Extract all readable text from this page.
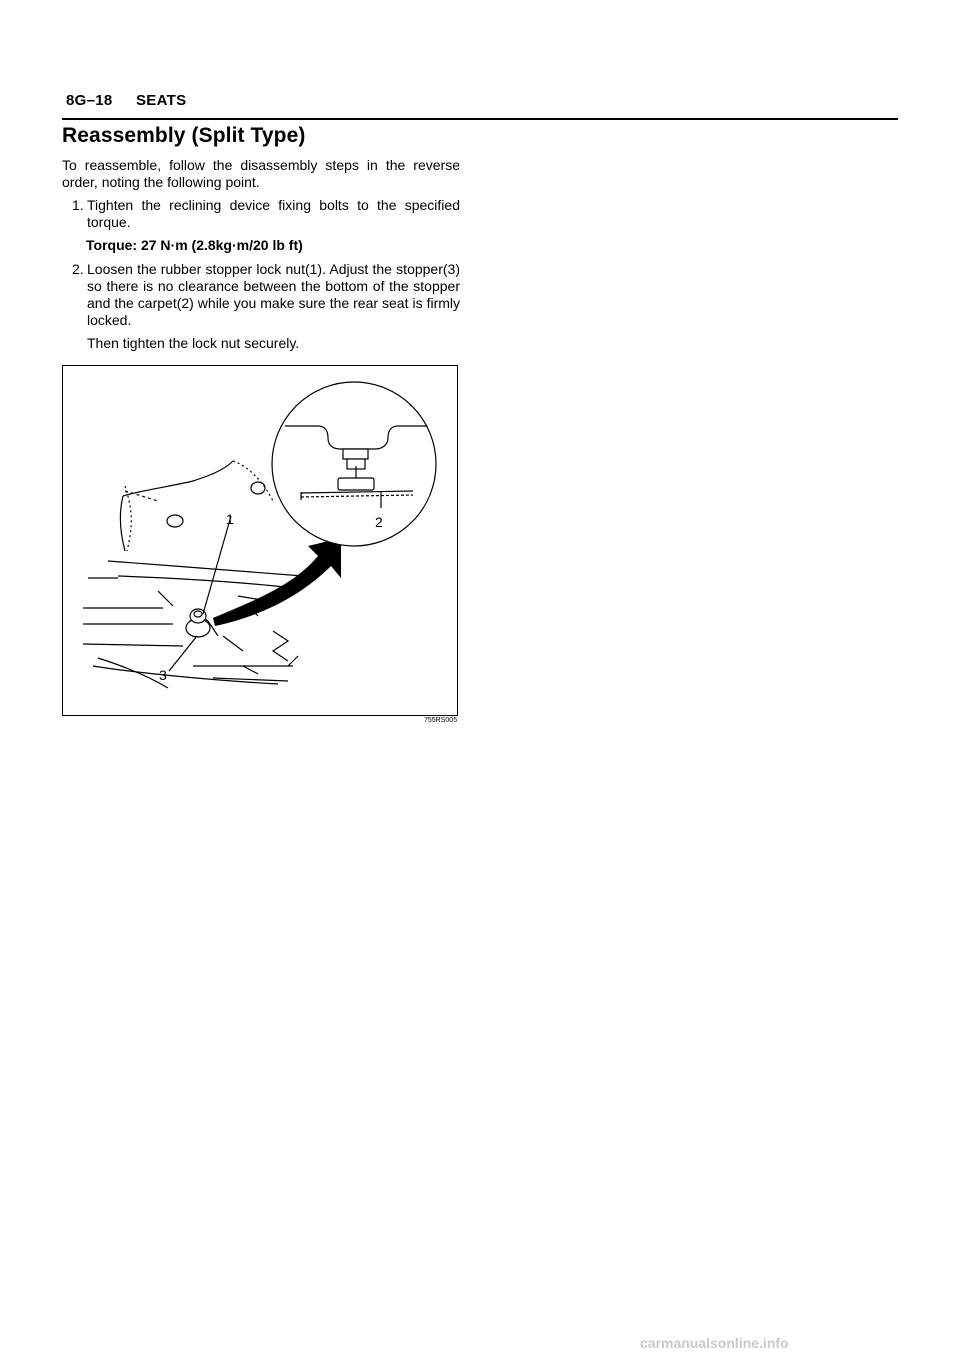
8G–18 SEATS
Reassembly (Split Type)

To reassemble, follow the disassembly steps in the reverse order, noting the following point.

1. Tighten the reclining device fixing bolts to the specified torque.
Torque: 27 N·m (2.8kg·m/20 lb ft)
2. Loosen the rubber stopper lock nut(1). Adjust the stopper(3) so there is no clearance between the bottom of the stopper and the carpet(2) while you make sure the rear seat is firmly locked.
Then tighten the lock nut securely.
1	2
3
755RS005
carmanualsonline.info
